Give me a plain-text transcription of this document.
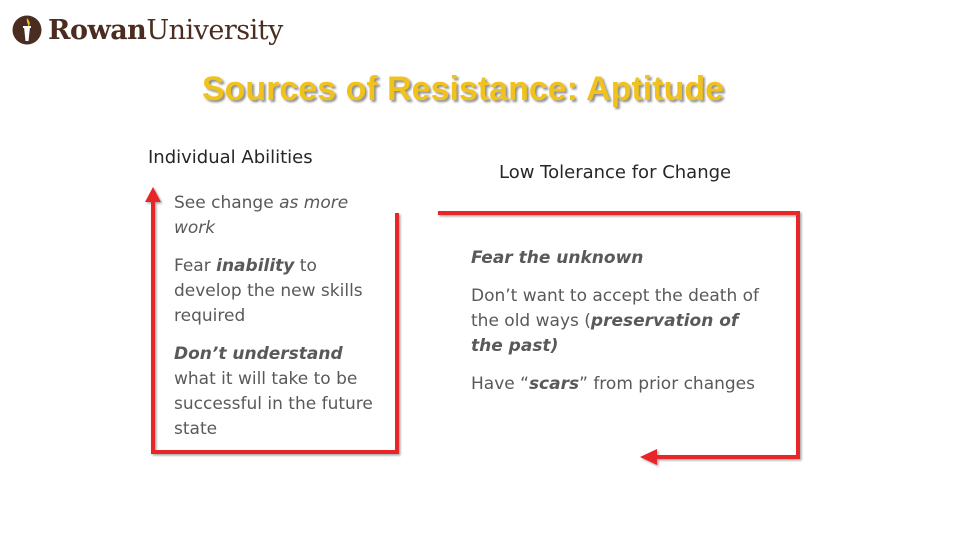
RowanUniversity
Sources of Resistance: Aptitude
Individual Abilities
See change as more work
Fear inability to develop the new skills required
Don’t understand what it will take to be successful in the future state
Low Tolerance for Change
Fear the unknown
Don’t want to accept the death of the old ways (preservation of the past)
Have “scars” from prior changes
